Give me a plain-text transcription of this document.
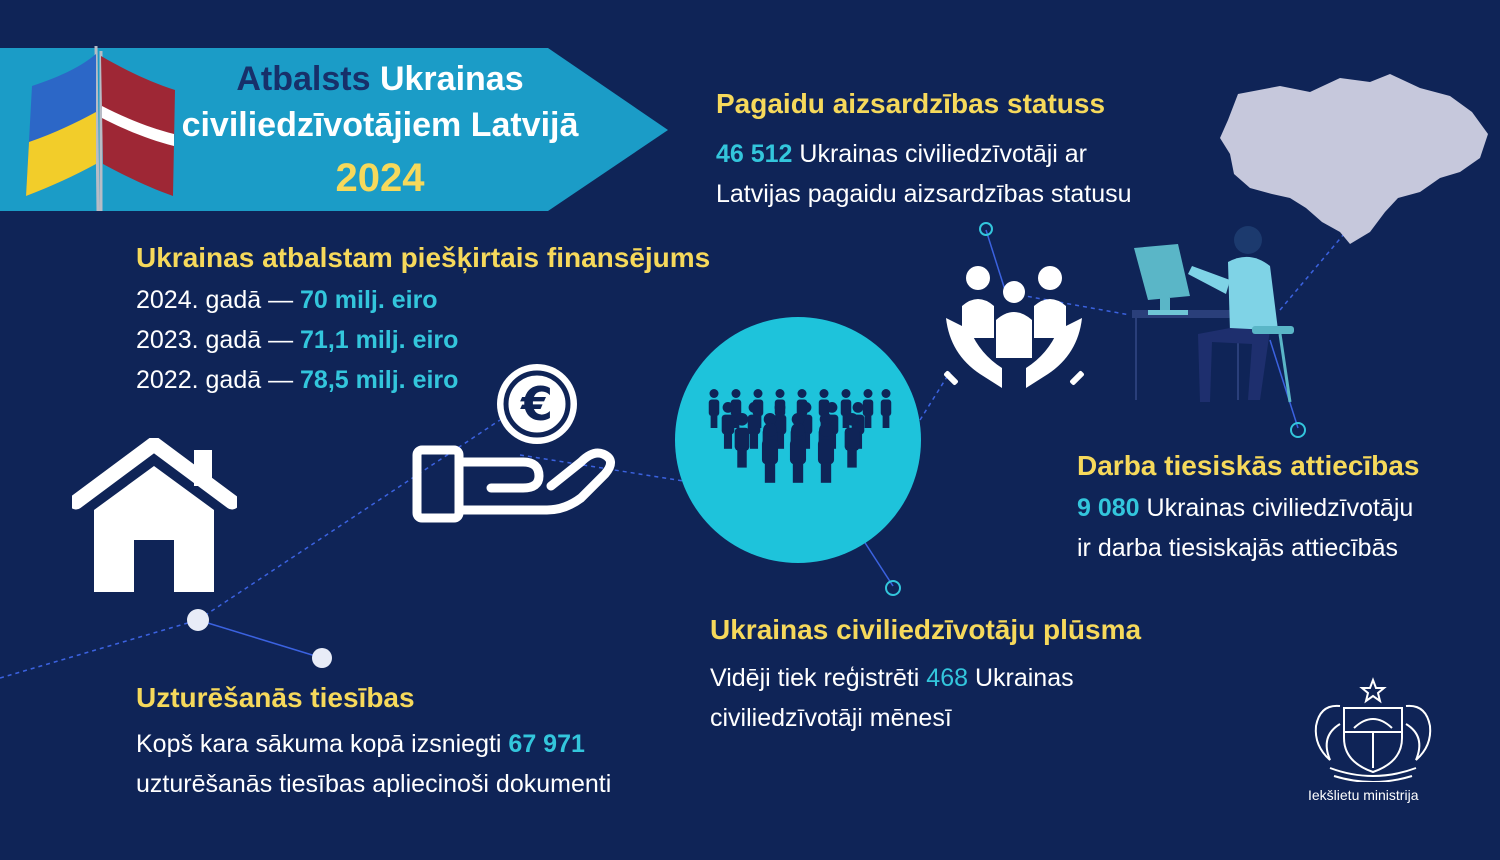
Atbalsts Ukrainas
civiliedzīvotājiem Latvijā
2024
Pagaidu aizsardzības statuss
46 512 Ukrainas civiliedzīvotāji ar
Latvijas pagaidu aizsardzības statusu
Ukrainas atbalstam piešķirtais finansējums
2024. gadā — 70 milj. eiro
2023. gadā — 71,1 milj. eiro
2022. gadā — 78,5 milj. eiro €
Darba tiesiskās attiecības
9 080 Ukrainas civiliedzīvotāju
ir darba tiesiskajās attiecībās
Ukrainas civiliedzīvotāju plūsma
Vidēji tiek reģistrēti 468 Ukrainas
civiliedzīvotāji mēnesī
Uzturēšanās tiesības
Kopš kara sākuma kopā izsniegti 67 971
uzturēšanās tiesības apliecinoši dokumenti	Iekšlietu ministrija
